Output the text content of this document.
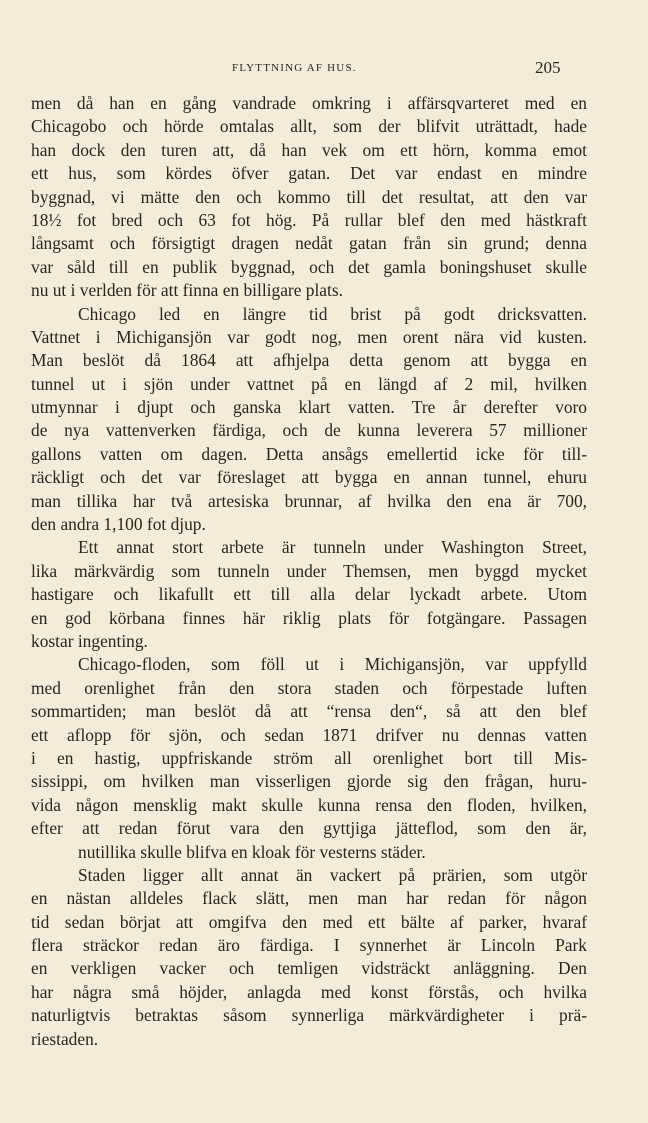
FLYTTNING AF HUS.	205
men då han en gång vandrade omkring i affärsqvarteret med en
Chicagobo och hörde omtalas allt, som der blifvit uträttadt, hade
han dock den turen att, då han vek om ett hörn, komma emot
ett hus, som kördes öfver gatan. Det var endast en mindre
byggnad, vi mätte den och kommo till det resultat, att den var
18½ fot bred och 63 fot hög. På rullar blef den med hästkraft
långsamt och försigtigt dragen nedåt gatan från sin grund; denna
var såld till en publik byggnad, och det gamla boningshuset skulle
nu ut i verlden för att finna en billigare plats.
Chicago led en längre tid brist på godt dricksvatten.
Vattnet i Michigansjön var godt nog, men orent nära vid kusten.
Man beslöt då 1864 att afhjelpa detta genom att bygga en
tunnel ut i sjön under vattnet på en längd af 2 mil, hvilken
utmynnar i djupt och ganska klart vatten. Tre år derefter voro
de nya vattenverken färdiga, och de kunna leverera 57 millioner
gallons vatten om dagen. Detta ansågs emellertid icke för till-
räckligt och det var föreslaget att bygga en annan tunnel, ehuru
man tillika har två artesiska brunnar, af hvilka den ena är 700,
den andra 1,100 fot djup.
Ett annat stort arbete är tunneln under Washington Street,
lika märkvärdig som tunneln under Themsen, men byggd mycket
hastigare och likafullt ett till alla delar lyckadt arbete. Utom
en god körbana finnes här riklig plats för fotgängare. Passagen
kostar ingenting.
Chicago-floden, som föll ut i Michigansjön, var uppfylld
med orenlighet från den stora staden och förpestade luften
sommartiden; man beslöt då att “rensa den“, så att den blef
ett aflopp för sjön, och sedan 1871 drifver nu dennas vatten
i en hastig, uppfriskande ström all orenlighet bort till Mis-
sissippi, om hvilken man visserligen gjorde sig den frågan, huru-
vida någon mensklig makt skulle kunna rensa den floden, hvilken,
efter att redan förut vara den gyttjiga jätteflod, som den är,
nutillika skulle blifva en kloak för vesterns städer.
Staden ligger allt annat än vackert på prärien, som utgör
en nästan alldeles flack slätt, men man har redan för någon
tid sedan börjat att omgifva den med ett bälte af parker, hvaraf
flera sträckor redan äro färdiga. I synnerhet är Lincoln Park
en verkligen vacker och temligen vidsträckt anläggning. Den
har några små höjder, anlagda med konst förstås, och hvilka
naturligtvis betraktas såsom synnerliga märkvärdigheter i prä-
riestaden.
